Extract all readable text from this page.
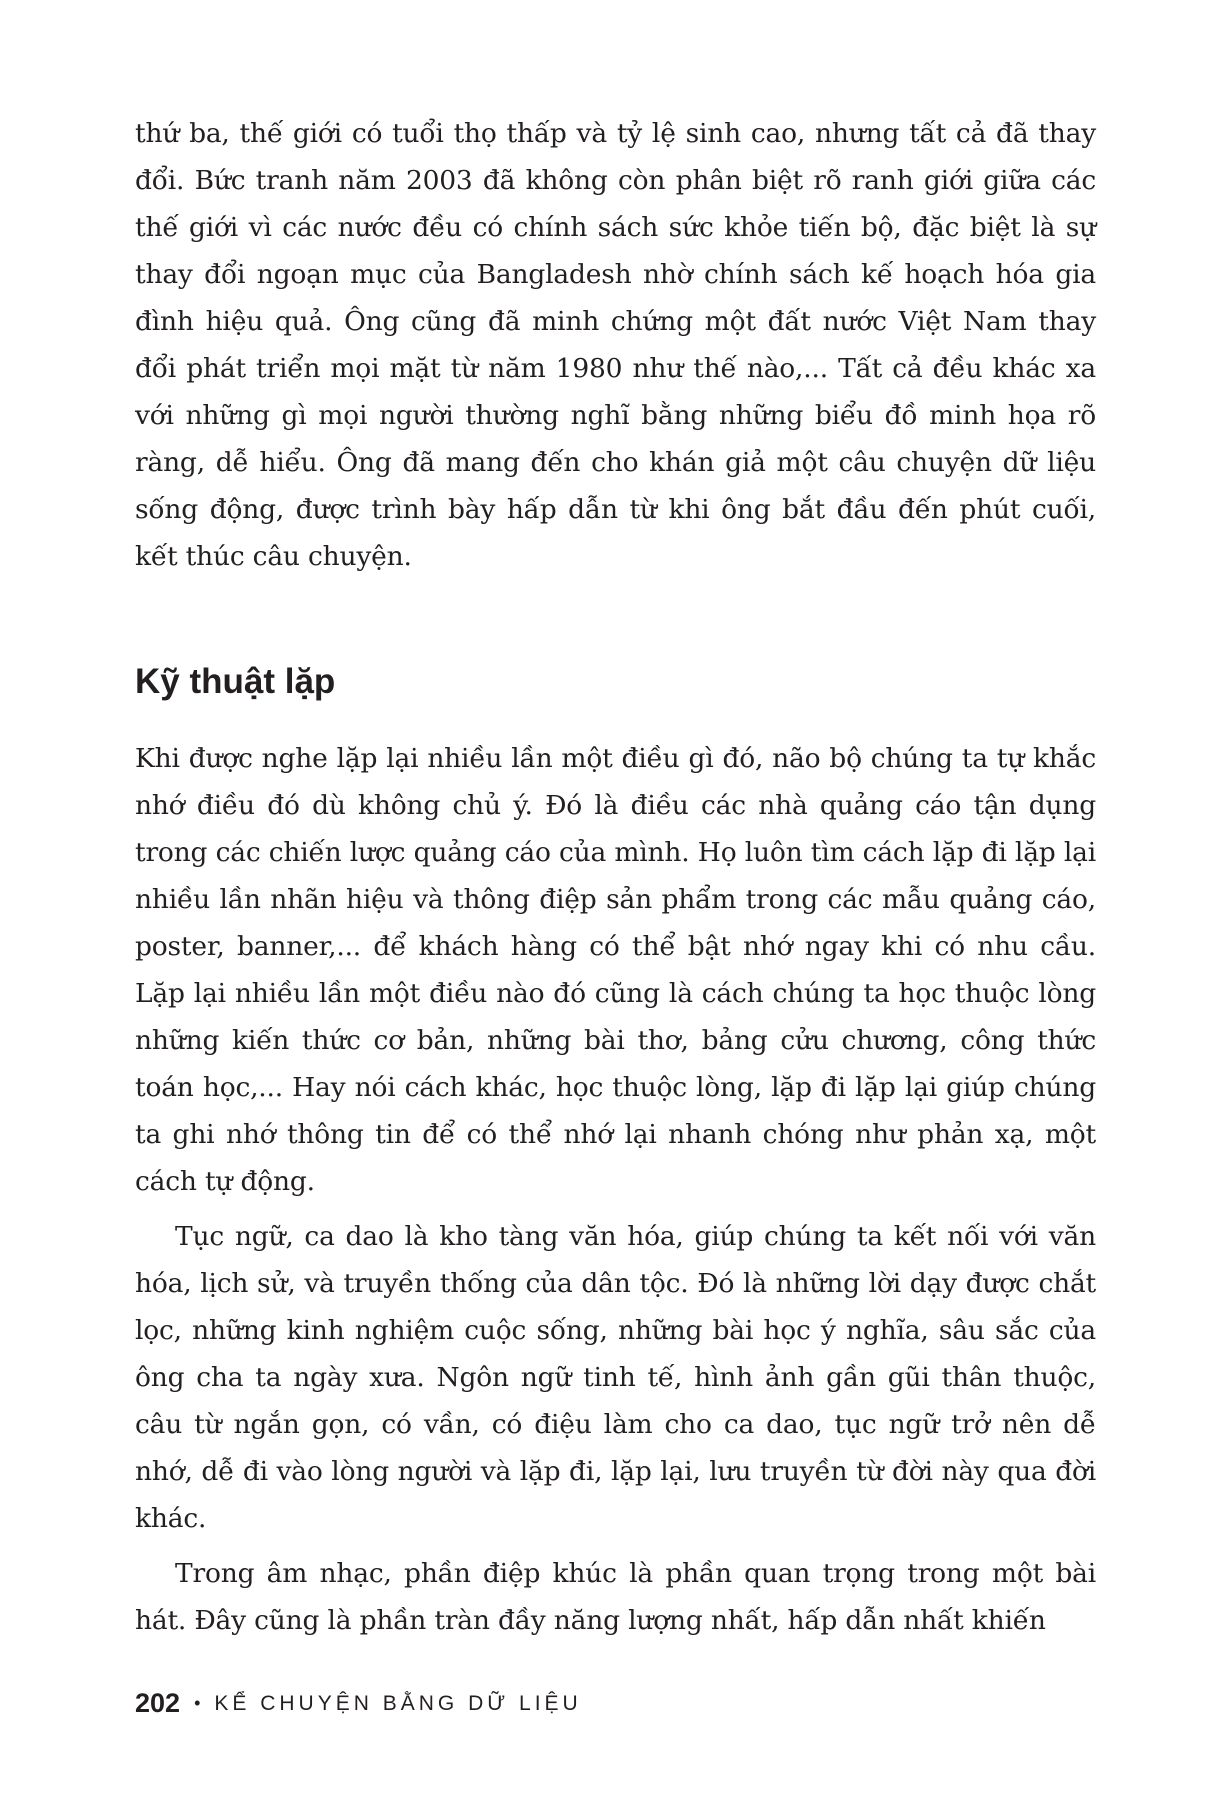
thứ ba, thế giới có tuổi thọ thấp và tỷ lệ sinh cao, nhưng tất cả đã thay đổi. Bức tranh năm 2003 đã không còn phân biệt rõ ranh giới giữa các thế giới vì các nước đều có chính sách sức khỏe tiến bộ, đặc biệt là sự thay đổi ngoạn mục của Bangladesh nhờ chính sách kế hoạch hóa gia đình hiệu quả. Ông cũng đã minh chứng một đất nước Việt Nam thay đổi phát triển mọi mặt từ năm 1980 như thế nào,... Tất cả đều khác xa với những gì mọi người thường nghĩ bằng những biểu đồ minh họa rõ ràng, dễ hiểu. Ông đã mang đến cho khán giả một câu chuyện dữ liệu sống động, được trình bày hấp dẫn từ khi ông bắt đầu đến phút cuối, kết thúc câu chuyện.

Kỹ thuật lặp

Khi được nghe lặp lại nhiều lần một điều gì đó, não bộ chúng ta tự khắc nhớ điều đó dù không chủ ý. Đó là điều các nhà quảng cáo tận dụng trong các chiến lược quảng cáo của mình. Họ luôn tìm cách lặp đi lặp lại nhiều lần nhãn hiệu và thông điệp sản phẩm trong các mẫu quảng cáo, poster, banner,... để khách hàng có thể bật nhớ ngay khi có nhu cầu. Lặp lại nhiều lần một điều nào đó cũng là cách chúng ta học thuộc lòng những kiến thức cơ bản, những bài thơ, bảng cửu chương, công thức toán học,... Hay nói cách khác, học thuộc lòng, lặp đi lặp lại giúp chúng ta ghi nhớ thông tin để có thể nhớ lại nhanh chóng như phản xạ, một cách tự động.

Tục ngữ, ca dao là kho tàng văn hóa, giúp chúng ta kết nối với văn hóa, lịch sử, và truyền thống của dân tộc. Đó là những lời dạy được chắt lọc, những kinh nghiệm cuộc sống, những bài học ý nghĩa, sâu sắc của ông cha ta ngày xưa. Ngôn ngữ tinh tế, hình ảnh gần gũi thân thuộc, câu từ ngắn gọn, có vần, có điệu làm cho ca dao, tục ngữ trở nên dễ nhớ, dễ đi vào lòng người và lặp đi, lặp lại, lưu truyền từ đời này qua đời khác.

Trong âm nhạc, phần điệp khúc là phần quan trọng trong một bài hát. Đây cũng là phần tràn đầy năng lượng nhất, hấp dẫn nhất khiến

202 • KỂ CHUYỆN BẰNG DỮ LIỆU
